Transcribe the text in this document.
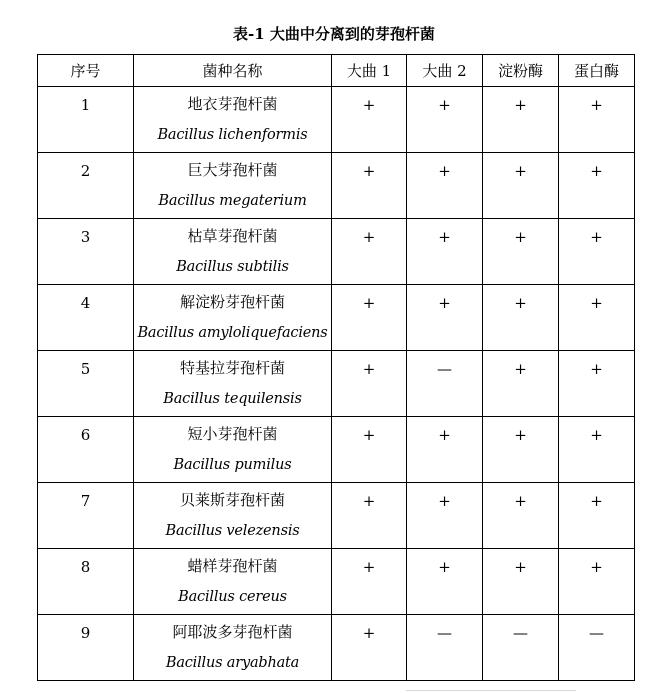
表-1 大曲中分离到的芽孢杆菌
序号	菌种名称	大曲 1	大曲 2	淀粉酶	蛋白酶

1	地衣芽孢杆菌
Bacillus lichenformis	+	+	+	+

2	巨大芽孢杆菌
Bacillus megaterium	+	+	+	+

3	枯草芽孢杆菌
Bacillus subtilis	+	+	+	+

4	解淀粉芽孢杆菌
Bacillus amyloliquefaciens	+	+	+	+

5	特基拉芽孢杆菌
Bacillus tequilensis	+	—	+	+

6	短小芽孢杆菌
Bacillus pumilus	+	+	+	+

7	贝莱斯芽孢杆菌
Bacillus velezensis	+	+	+	+

8	蜡样芽孢杆菌
Bacillus cereus	+	+	+	+

9	阿耶波多芽孢杆菌
Bacillus aryabhata	+	—	—	—
